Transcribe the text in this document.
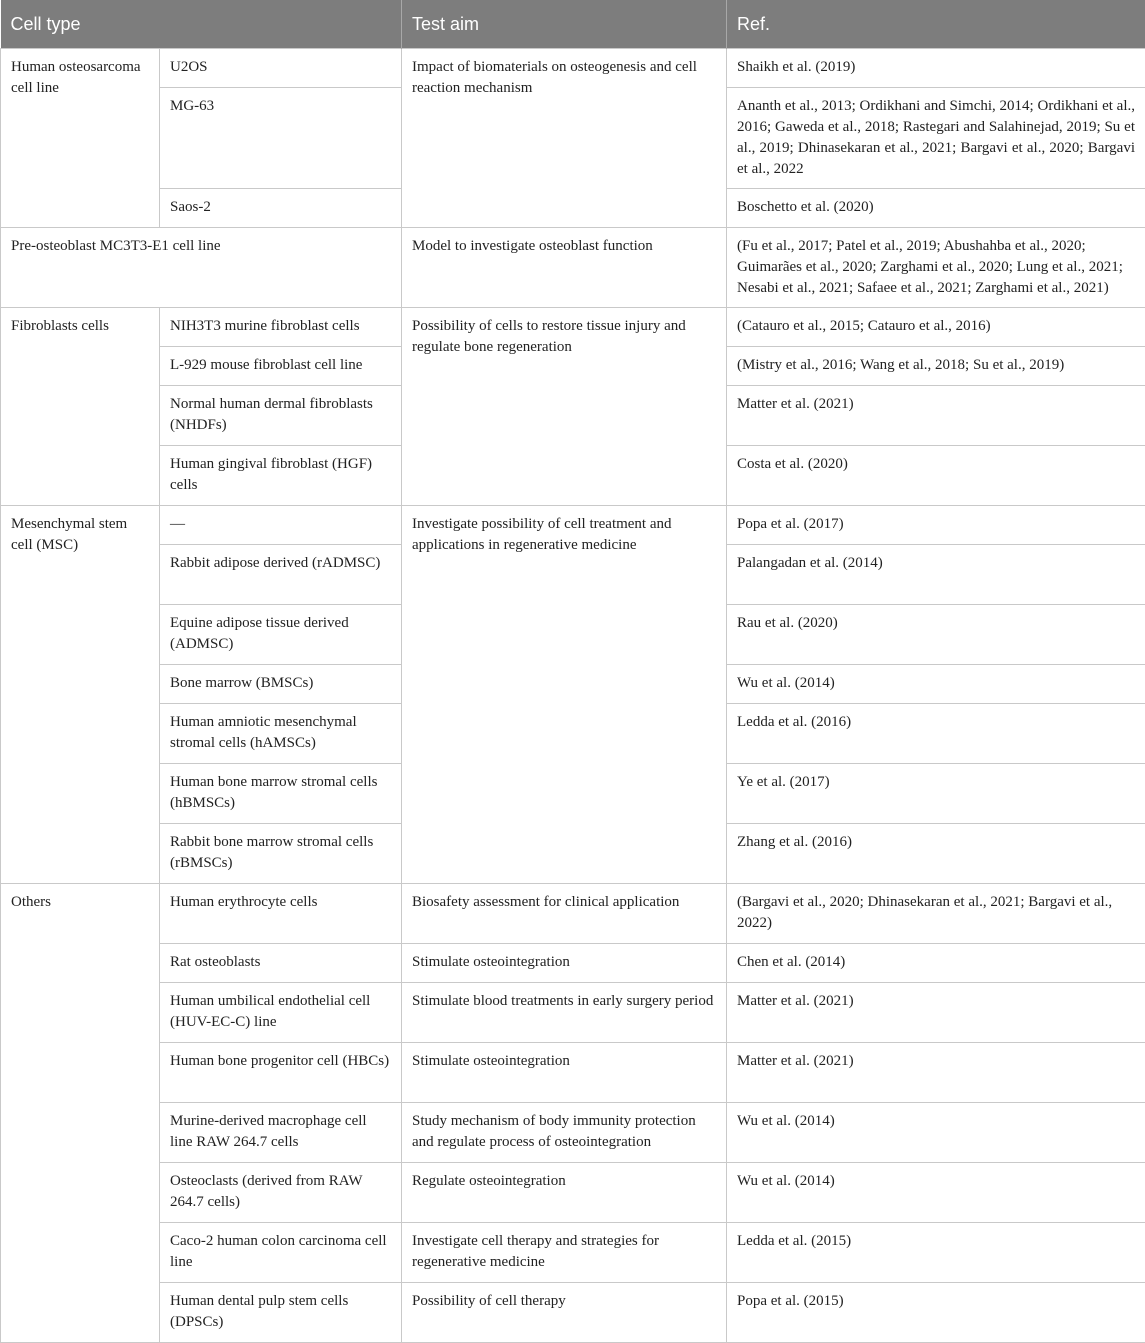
Cell type		Test aim	Ref.
Human osteosarcoma cell line	U2OS	Impact of biomaterials on osteogenesis and cell reaction mechanism	Shaikh et al. (2019)
	MG-63		Ananth et al., 2013; Ordikhani and Simchi, 2014; Ordikhani et al., 2016; Gaweda et al., 2018; Rastegari and Salahinejad, 2019; Su et al., 2019; Dhinasekaran et al., 2021; Bargavi et al., 2020; Bargavi et al., 2022
	Saos-2		Boschetto et al. (2020)
Pre-osteoblast MC3T3-E1 cell line		Model to investigate osteoblast function	(Fu et al., 2017; Patel et al., 2019; Abushahba et al., 2020; Guimarães et al., 2020; Zarghami et al., 2020; Lung et al., 2021; Nesabi et al., 2021; Safaee et al., 2021; Zarghami et al., 2021)
Fibroblasts cells	NIH3T3 murine fibroblast cells	Possibility of cells to restore tissue injury and regulate bone regeneration	(Catauro et al., 2015; Catauro et al., 2016)
	L-929 mouse fibroblast cell line		(Mistry et al., 2016; Wang et al., 2018; Su et al., 2019)
	Normal human dermal fibroblasts (NHDFs)		Matter et al. (2021)
	Human gingival fibroblast (HGF) cells		Costa et al. (2020)
Mesenchymal stem cell (MSC)	—	Investigate possibility of cell treatment and applications in regenerative medicine	Popa et al. (2017)
	Rabbit adipose derived (rADMSC)		Palangadan et al. (2014)
	Equine adipose tissue derived (ADMSC)		Rau et al. (2020)
	Bone marrow (BMSCs)		Wu et al. (2014)
	Human amniotic mesenchymal stromal cells (hAMSCs)		Ledda et al. (2016)
	Human bone marrow stromal cells (hBMSCs)		Ye et al. (2017)
	Rabbit bone marrow stromal cells (rBMSCs)		Zhang et al. (2016)
Others	Human erythrocyte cells	Biosafety assessment for clinical application	(Bargavi et al., 2020; Dhinasekaran et al., 2021; Bargavi et al., 2022)
	Rat osteoblasts	Stimulate osteointegration	Chen et al. (2014)
	Human umbilical endothelial cell (HUV-EC-C) line	Stimulate blood treatments in early surgery period	Matter et al. (2021)
	Human bone progenitor cell (HBCs)	Stimulate osteointegration	Matter et al. (2021)
	Murine-derived macrophage cell line RAW 264.7 cells	Study mechanism of body immunity protection and regulate process of osteointegration	Wu et al. (2014)
	Osteoclasts (derived from RAW 264.7 cells)	Regulate osteointegration	Wu et al. (2014)
	Caco-2 human colon carcinoma cell line	Investigate cell therapy and strategies for regenerative medicine	Ledda et al. (2015)
	Human dental pulp stem cells (DPSCs)	Possibility of cell therapy	Popa et al. (2015)
